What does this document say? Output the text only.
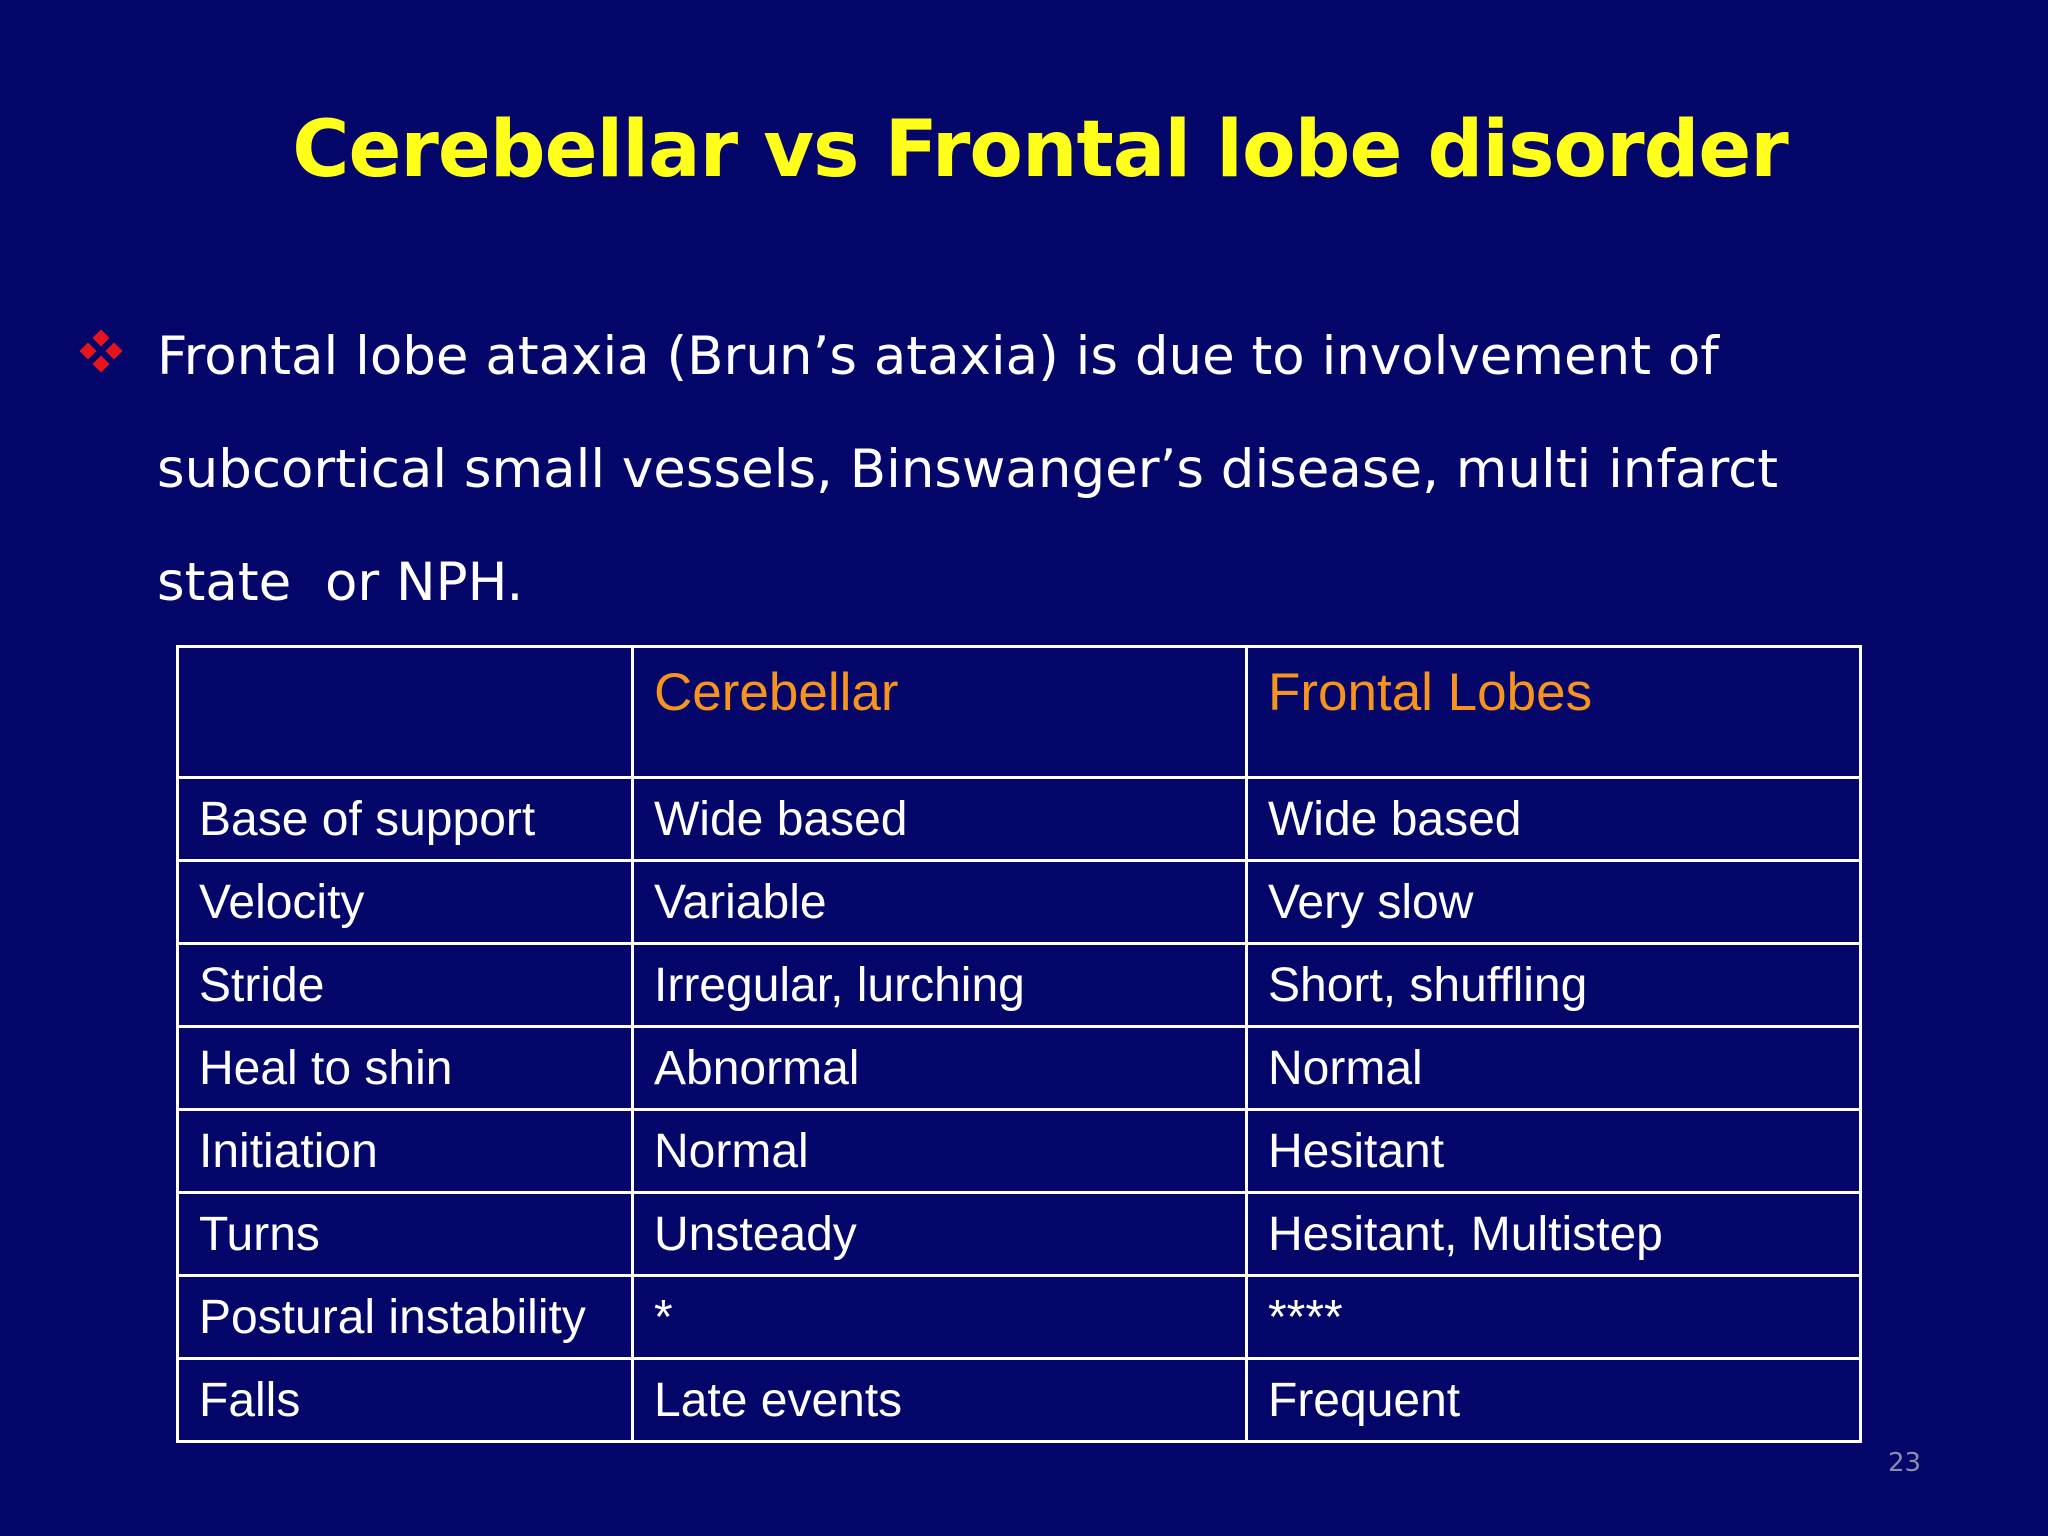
Cerebellar vs Frontal lobe disorder
Frontal lobe ataxia (Brun’s ataxia) is due to involvement of
subcortical small vessels, Binswanger’s disease, multi infarct
state  or NPH.
	Cerebellar	Frontal Lobes
Base of support	Wide based	Wide based
Velocity	Variable	Very slow
Stride	Irregular, lurching	Short, shuffling
Heal to shin	Abnormal	Normal
Initiation	Normal	Hesitant
Turns	Unsteady	Hesitant, Multistep
Postural instability	*	****
Falls	Late events	Frequent
23
